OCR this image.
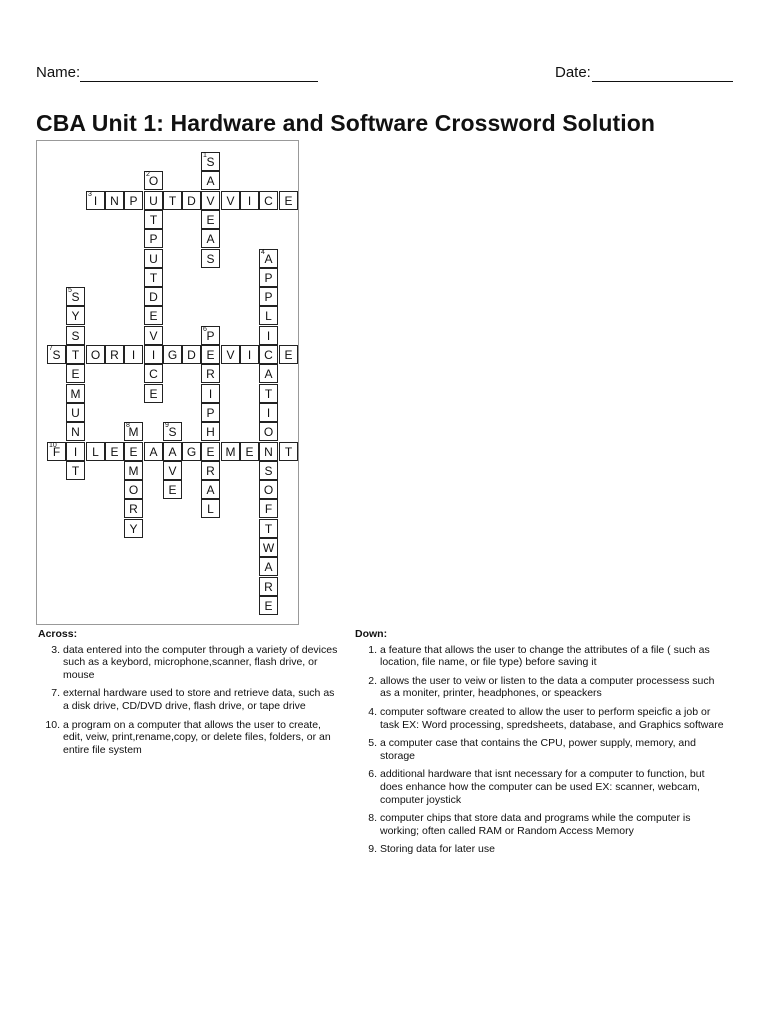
Name:	Date:
CBA Unit 1: Hardware and Software Crossword Solution
1 S
A
V
E
A
S
2
O
U
T
P
U
T
D
E
V
I
C
E
3 I	N P	T D	V	I	C E
4 A
P
P
L
I
C
A
T
I
O
N
S
O
F
T
W
A
R
E
5 S
Y
S
T
E
M
U
N
I
T
6 P
E
R
I
P
H
E
R
A
L
7 S	O R	I	G D	V	I	E
8
M
E
M
O
R
Y
9 S
A
V
E
10
F	L E	A	G	M E	T
Across:
3. data entered into the computer through a variety of devices such as a keybord, microphone,scanner, flash drive, or mouse
7. external hardware used to store and retrieve data, such as a disk drive, CD/DVD drive, flash drive, or tape drive
10. a program on a computer that allows the user to create, edit, veiw, print,rename,copy, or delete files, folders, or an entire file system
Down:
1. a feature that allows the user to change the attributes of a file ( such as location, file name, or file type) before saving it
2. allows the user to veiw or listen to the data a computer processess such as a moniter, printer, headphones, or speackers
4. computer software created to allow the user to perform speicfic a job or task EX: Word processing, spredsheets, database, and Graphics software
5. a computer case that contains the CPU, power supply, memory, and storage
6. additional hardware that isnt necessary for a computer to function, but does enhance how the computer can be used EX: scanner, webcam, computer joystick
8. computer chips that store data and programs while the computer is working; often called RAM or Random Access Memory
9. Storing data for later use
